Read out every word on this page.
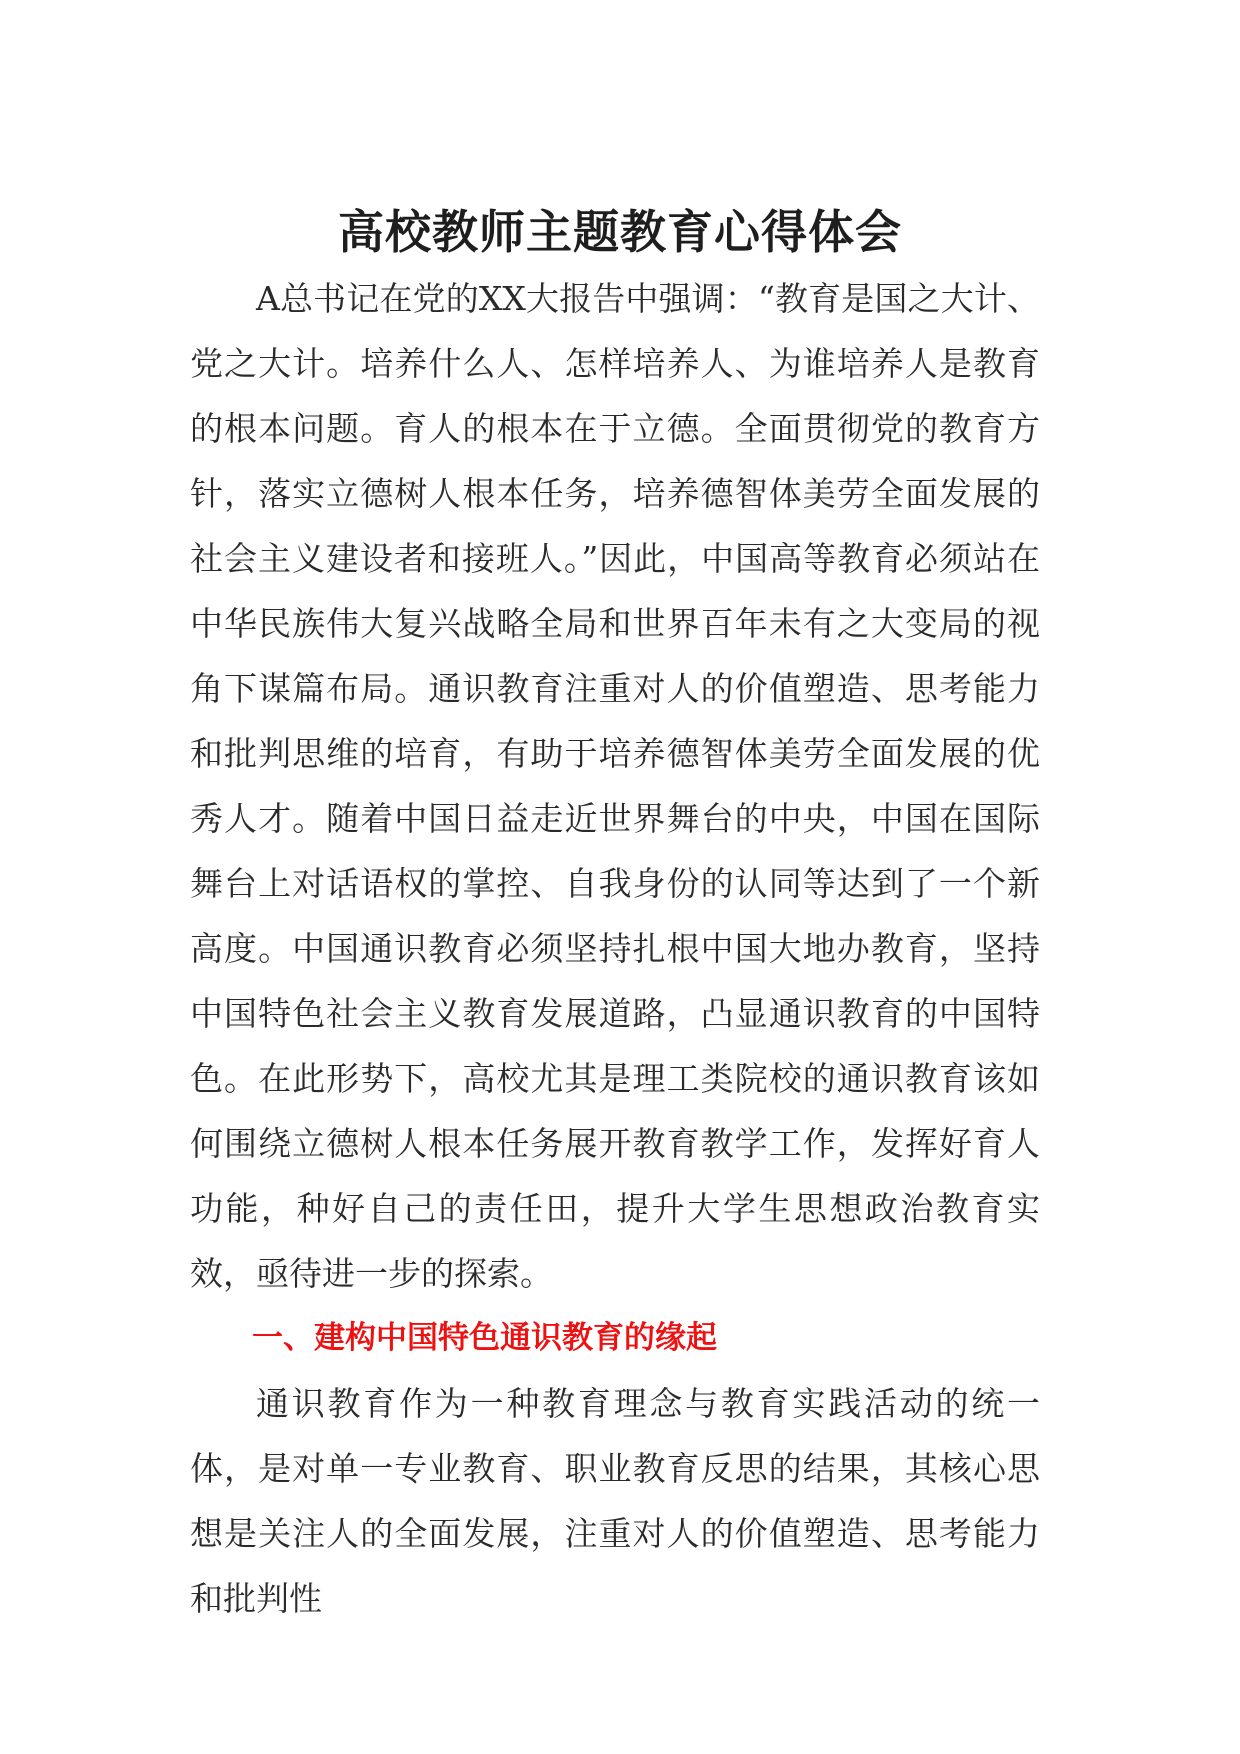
高校教师主题教育心得体会

A总书记在党的XX大报告中强调：“教育是国之大计、党之大计。培养什么人、怎样培养人、为谁培养人是教育的根本问题。育人的根本在于立德。全面贯彻党的教育方针，落实立德树人根本任务，培养德智体美劳全面发展的社会主义建设者和接班人。”因此，中国高等教育必须站在中华民族伟大复兴战略全局和世界百年未有之大变局的视角下谋篇布局。通识教育注重对人的价值塑造、思考能力和批判思维的培育，有助于培养德智体美劳全面发展的优秀人才。随着中国日益走近世界舞台的中央，中国在国际舞台上对话语权的掌控、自我身份的认同等达到了一个新高度。中国通识教育必须坚持扎根中国大地办教育，坚持中国特色社会主义教育发展道路，凸显通识教育的中国特色。在此形势下，高校尤其是理工类院校的通识教育该如何围绕立德树人根本任务展开教育教学工作，发挥好育人功能，种好自己的责任田，提升大学生思想政治教育实效，亟待进一步的探索。

一、建构中国特色通识教育的缘起

通识教育作为一种教育理念与教育实践活动的统一体，是对单一专业教育、职业教育反思的结果，其核心思想是关注人的全面发展，注重对人的价值塑造、思考能力和批判性
